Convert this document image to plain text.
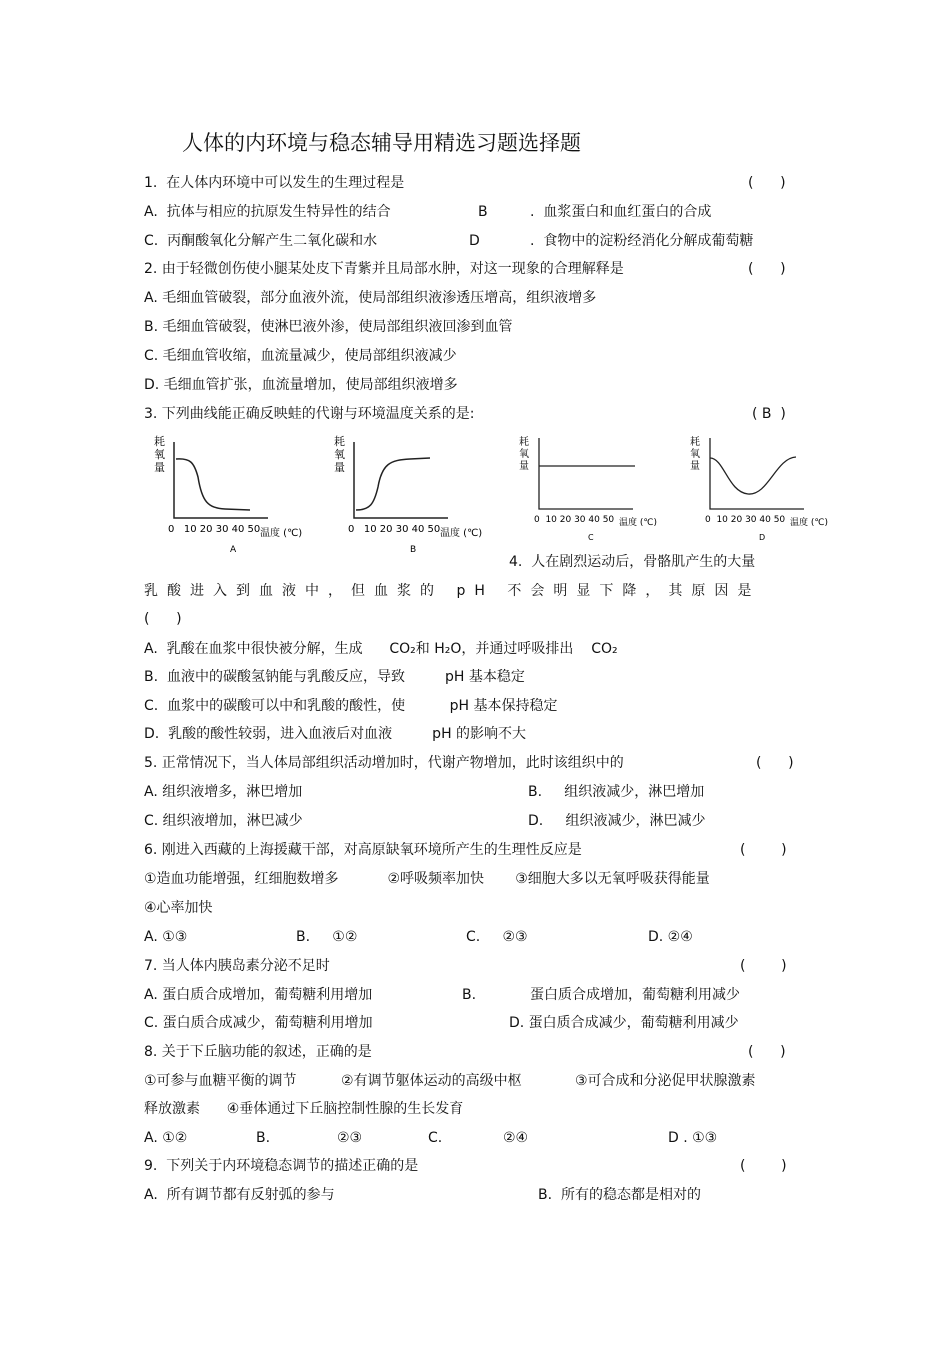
人体的内环境与稳态辅导用精选习题选择题
1.  在人体内环境中可以发生的生理过程是	(      )
A.  抗体与相应的抗原发生特异性的结合	B	.  血浆蛋白和血红蛋白的合成
C.  丙酮酸氧化分解产生二氧化碳和水	D	.  食物中的淀粉经消化分解成葡萄糖
2. 由于轻微创伤使小腿某处皮下青紫并且局部水肿，对这一现象的合理解释是	(      )
A. 毛细血管破裂，部分血液外流，使局部组织液渗透压增高，组织液增多
B. 毛细血管破裂，使淋巴液外渗，使局部组织液回渗到血管
C. 毛细血管收缩，血流量减少，使局部组织液减少
D. 毛细血管扩张，血流量增加，使局部组织液增多
3. 下列曲线能正确反映蛙的代谢与环境温度关系的是:	( B  )
耗
氧
量
0   10 20 30 40 50 温度 (℃)
A
耗
氧
量
0   10 20 30 40 50 温度 (℃)
B
耗
氧
量
0  10 20 30 40 50 温度 (℃)
C
耗
氧
量
0  10 20 30 40 50 温度 (℃)
D
4.  人在剧烈运动后，骨骼肌产生的大量
乳酸进入到血液中，但血浆的 pH 不会明显下降，其原因是
(      )
A.  乳酸在血浆中很快被分解，生成      CO₂和 H₂O，并通过呼吸排出    CO₂
B.  血液中的碳酸氢钠能与乳酸反应，导致         pH 基本稳定
C.  血浆中的碳酸可以中和乳酸的酸性，使          pH 基本保持稳定
D.  乳酸的酸性较弱，进入血液后对血液         pH 的影响不大
5. 正常情况下，当人体局部组织活动增加时，代谢产物增加，此时该组织中的	(      )
A. 组织液增多，淋巴增加	B.     组织液减少，淋巴增加
C. 组织液增加，淋巴减少	D.     组织液减少，淋巴减少
6. 刚进入西藏的上海援藏干部，对高原缺氧环境所产生的生理性反应是	(        )
①造血功能增强，红细胞数增多           ②呼吸频率加快       ③细胞大多以无氧呼吸获得能量
④心率加快
A. ①③	B.     ①②	C.     ②③	D. ②④
7. 当人体内胰岛素分泌不足时	(        )
A. 蛋白质合成增加，葡萄糖利用增加	B.	蛋白质合成增加，葡萄糖利用减少
C. 蛋白质合成减少，葡萄糖利用增加	D. 蛋白质合成减少，葡萄糖利用减少
8. 关于下丘脑功能的叙述，正确的是	(      )
①可参与血糖平衡的调节          ②有调节躯体运动的高级中枢            ③可合成和分泌促甲状腺激素
释放激素      ④垂体通过下丘脑控制性腺的生长发育
A. ①②	B.	②③	C.	②④	D . ①③
9.  下列关于内环境稳态调节的描述正确的是	(        )
A.  所有调节都有反射弧的参与	B.  所有的稳态都是相对的
